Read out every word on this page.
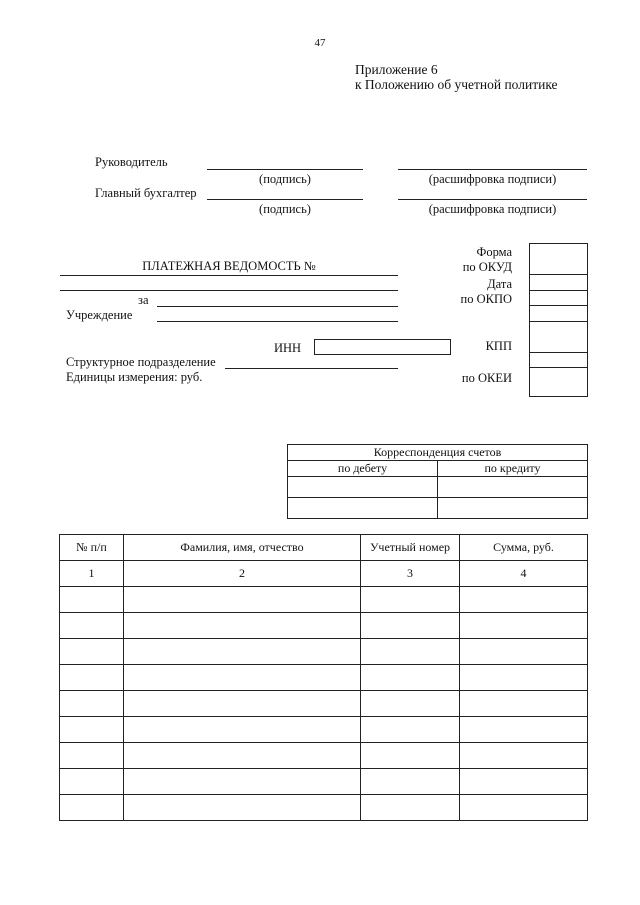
47
Приложение 6
к Положению об учетной политике
Руководитель
(подпись)	(расшифровка подписи)
Главный бухгалтер
(подпись)	(расшифровка подписи)
ПЛАТЕЖНАЯ ВЕДОМОСТЬ №
за
Учреждение
ИНН
Структурное подразделение
Единицы измерения: руб.
Форма
по ОКУД
Дата
по ОКПО
КПП
по ОКЕИ
Корреспонденция счетов	
по дебету	по кредиту

№ п/п	Фамилия, имя, отчество	Учетный номер	Сумма, руб.
1	2	3	4
